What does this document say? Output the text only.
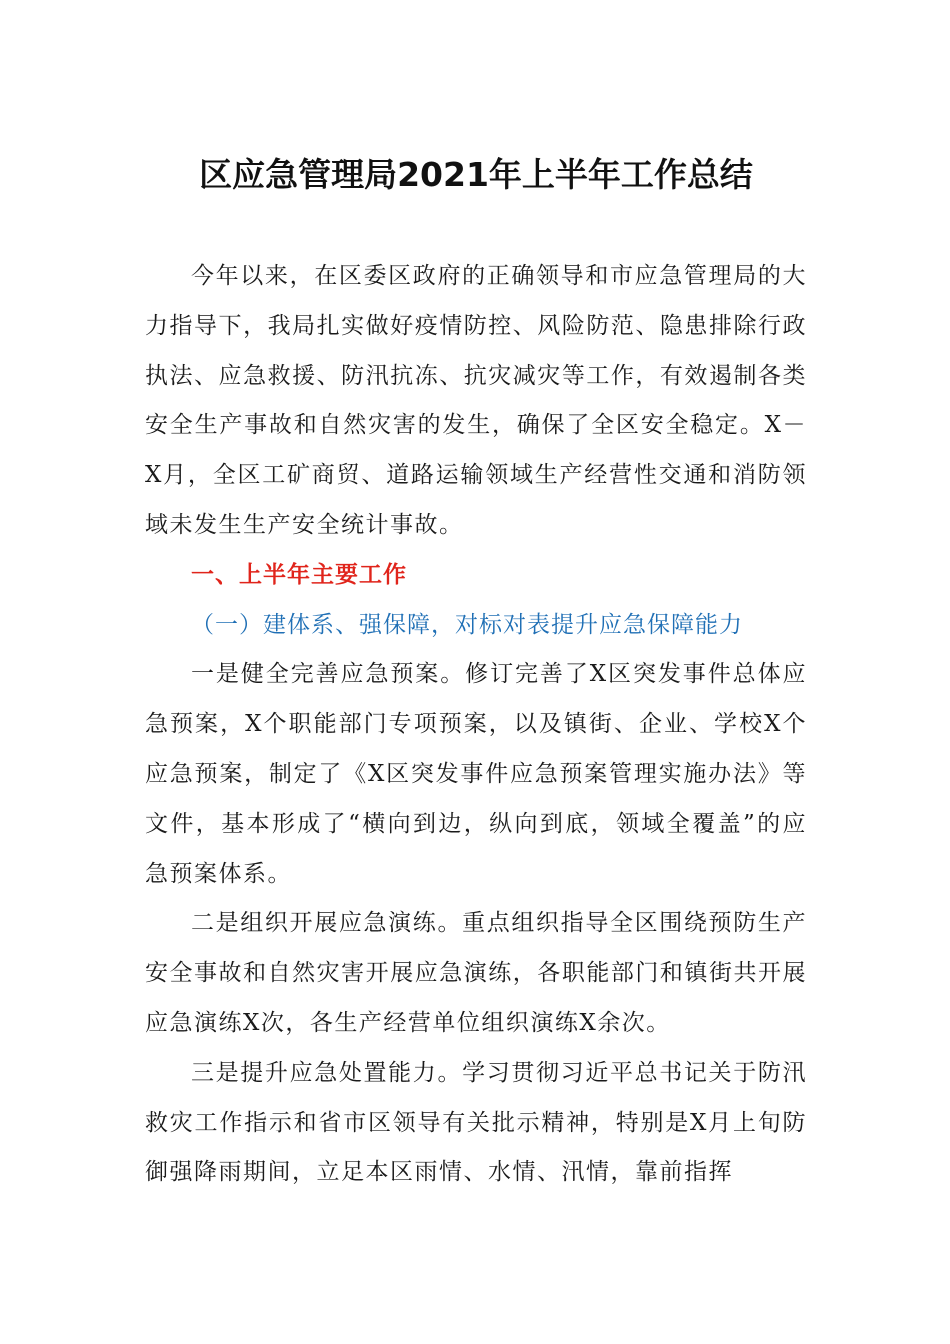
区应急管理局2021年上半年工作总结

今年以来，在区委区政府的正确领导和市应急管理局的大力指导下，我局扎实做好疫情防控、风险防范、隐患排除行政执法、应急救援、防汛抗冻、抗灾减灾等工作，有效遏制各类安全生产事故和自然灾害的发生，确保了全区安全稳定。X－X月，全区工矿商贸、道路运输领域生产经营性交通和消防领域未发生生产安全统计事故。

一、上半年主要工作

（一）建体系、强保障，对标对表提升应急保障能力

一是健全完善应急预案。修订完善了X区突发事件总体应急预案，X个职能部门专项预案，以及镇街、企业、学校X个应急预案，制定了《X区突发事件应急预案管理实施办法》等文件，基本形成了“横向到边，纵向到底，领域全覆盖”的应急预案体系。

二是组织开展应急演练。重点组织指导全区围绕预防生产安全事故和自然灾害开展应急演练，各职能部门和镇街共开展应急演练X次，各生产经营单位组织演练X余次。

三是提升应急处置能力。学习贯彻习近平总书记关于防汛救灾工作指示和省市区领导有关批示精神，特别是X月上旬防御强降雨期间，立足本区雨情、水情、汛情，靠前指挥
